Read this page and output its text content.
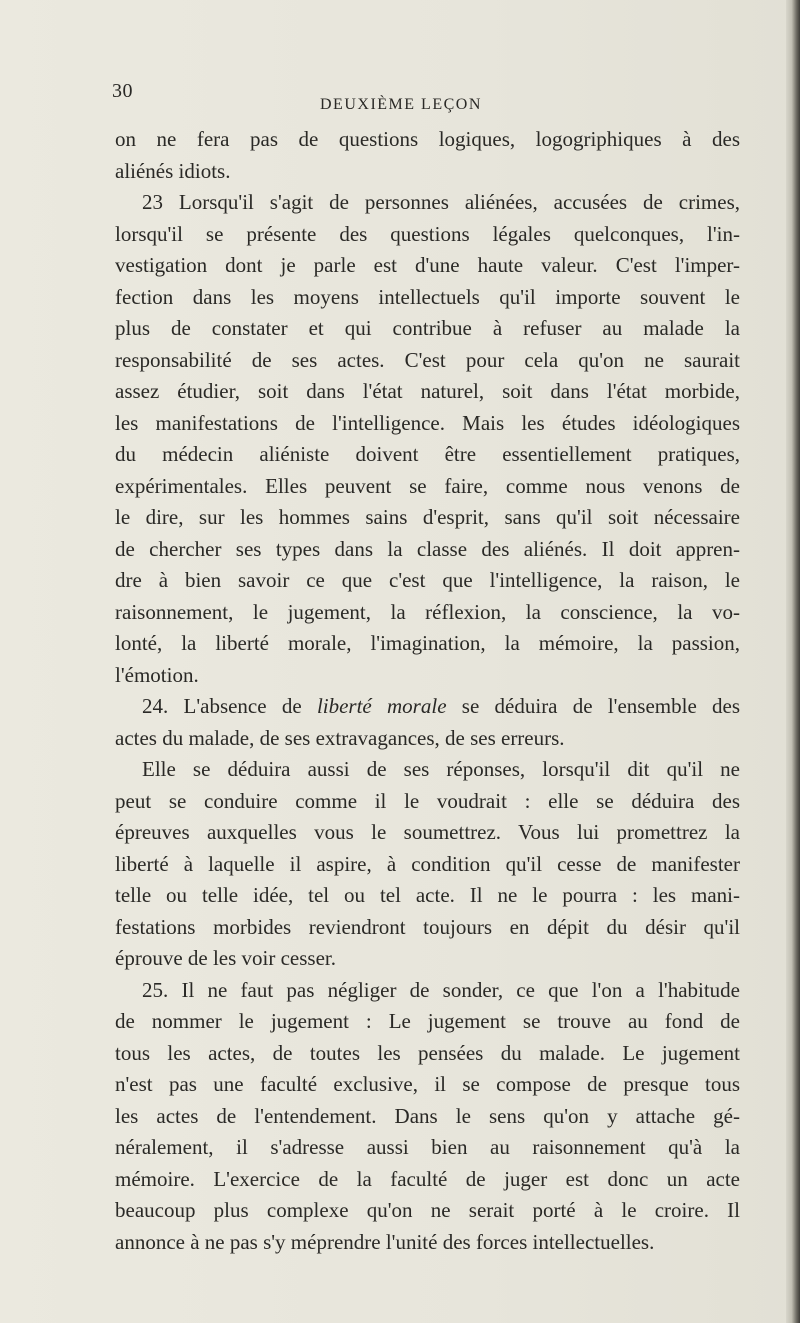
30
DEUXIÈME LEÇON
on ne fera pas de questions logiques, logogriphiques à des
aliénés idiots.
23 Lorsqu'il s'agit de personnes aliénées, accusées de crimes,
lorsqu'il se présente des questions légales quelconques, l'in-
vestigation dont je parle est d'une haute valeur. C'est l'imper-
fection dans les moyens intellectuels qu'il importe souvent le
plus de constater et qui contribue à refuser au malade la
responsabilité de ses actes. C'est pour cela qu'on ne saurait
assez étudier, soit dans l'état naturel, soit dans l'état morbide,
les manifestations de l'intelligence. Mais les études idéologiques
du médecin aliéniste doivent être essentiellement pratiques,
expérimentales. Elles peuvent se faire, comme nous venons de
le dire, sur les hommes sains d'esprit, sans qu'il soit nécessaire
de chercher ses types dans la classe des aliénés. Il doit appren-
dre à bien savoir ce que c'est que l'intelligence, la raison, le
raisonnement, le jugement, la réflexion, la conscience, la vo-
lonté, la liberté morale, l'imagination, la mémoire, la passion,
l'émotion.
24. L'absence de liberté morale se déduira de l'ensemble des
actes du malade, de ses extravagances, de ses erreurs.
Elle se déduira aussi de ses réponses, lorsqu'il dit qu'il ne
peut se conduire comme il le voudrait : elle se déduira des
épreuves auxquelles vous le soumettrez. Vous lui promettrez la
liberté à laquelle il aspire, à condition qu'il cesse de manifester
telle ou telle idée, tel ou tel acte. Il ne le pourra : les mani-
festations morbides reviendront toujours en dépit du désir qu'il
éprouve de les voir cesser.
25. Il ne faut pas négliger de sonder, ce que l'on a l'habitude
de nommer le jugement : Le jugement se trouve au fond de
tous les actes, de toutes les pensées du malade. Le jugement
n'est pas une faculté exclusive, il se compose de presque tous
les actes de l'entendement. Dans le sens qu'on y attache gé-
néralement, il s'adresse aussi bien au raisonnement qu'à la
mémoire. L'exercice de la faculté de juger est donc un acte
beaucoup plus complexe qu'on ne serait porté à le croire. Il
annonce à ne pas s'y méprendre l'unité des forces intellectuelles.
